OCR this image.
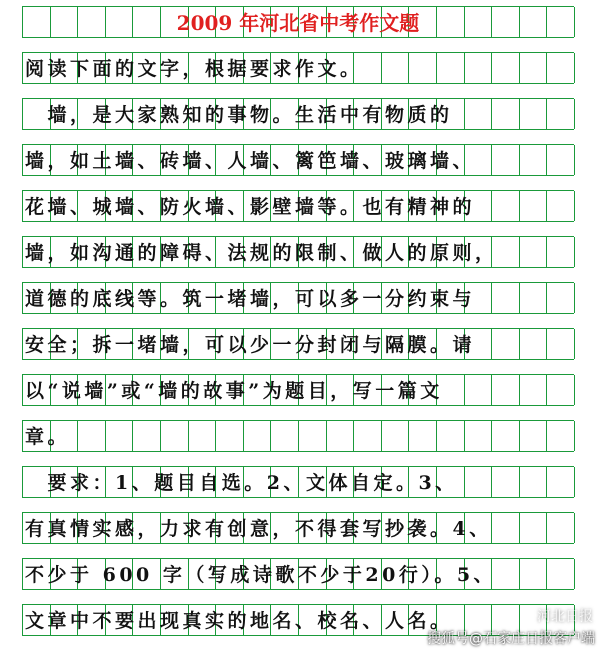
2009 年河北省中考作文题
阅读下面的文字，根据要求作文。
　墙，是大家熟知的事物。生活中有物质的
墙，如土墙、砖墙、人墙、篱笆墙、玻璃墙、
花墙、城墙、防火墙、影壁墙等。也有精神的
墙，如沟通的障碍、法规的限制、做人的原则，
道德的底线等。筑一堵墙，可以多一分约束与
安全；拆一堵墙，可以少一分封闭与隔膜。请
以“说墙”或“墙的故事”为题目，写一篇文
章。
　要求：1、题目自选。2、文体自定。3、
有真情实感，力求有创意，不得套写抄袭。4、
不少于 600 字（写成诗歌不少于20行）。5、
文章中不要出现真实的地名、校名、人名。	河北日报
搜狐号@石家庄日报客户端
